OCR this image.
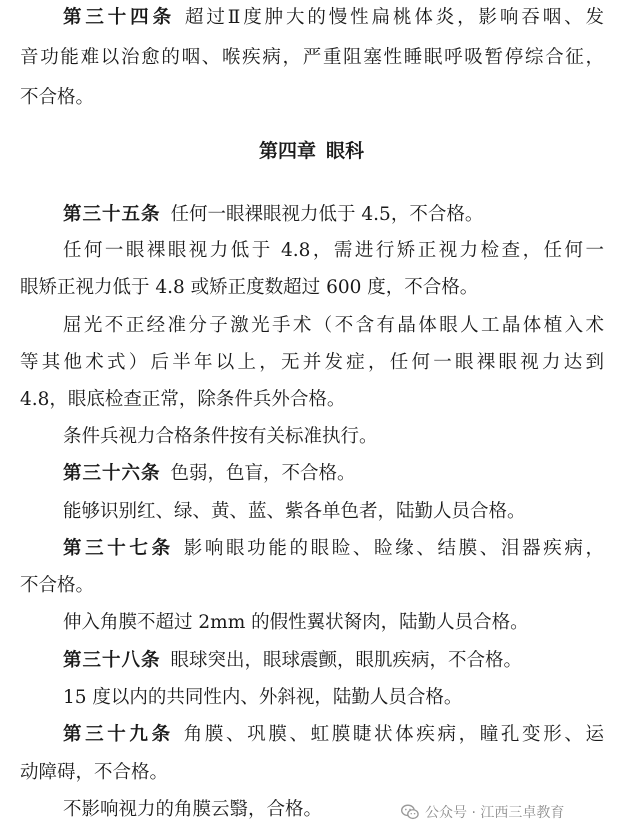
第三十四条 超过Ⅱ度肿大的慢性扁桃体炎，影响吞咽、发
音功能难以治愈的咽、喉疾病，严重阻塞性睡眠呼吸暂停综合征，
不合格。
第四章 眼科
第三十五条 任何一眼裸眼视力低于 4.5，不合格。
任何一眼裸眼视力低于 4.8，需进行矫正视力检查，任何一
眼矫正视力低于 4.8 或矫正度数超过 600 度，不合格。
屈光不正经准分子激光手术（不含有晶体眼人工晶体植入术
等其他术式）后半年以上，无并发症，任何一眼裸眼视力达到
4.8，眼底检查正常，除条件兵外合格。
条件兵视力合格条件按有关标准执行。
第三十六条 色弱，色盲，不合格。
能够识别红、绿、黄、蓝、紫各单色者，陆勤人员合格。
第三十七条 影响眼功能的眼睑、睑缘、结膜、泪器疾病，
不合格。
伸入角膜不超过 2mm 的假性翼状胬肉，陆勤人员合格。
第三十八条 眼球突出，眼球震颤，眼肌疾病，不合格。
15 度以内的共同性内、外斜视，陆勤人员合格。
第三十九条 角膜、巩膜、虹膜睫状体疾病，瞳孔变形、运
动障碍，不合格。
不影响视力的角膜云翳，合格。	公众号 · 江西三卓教育
